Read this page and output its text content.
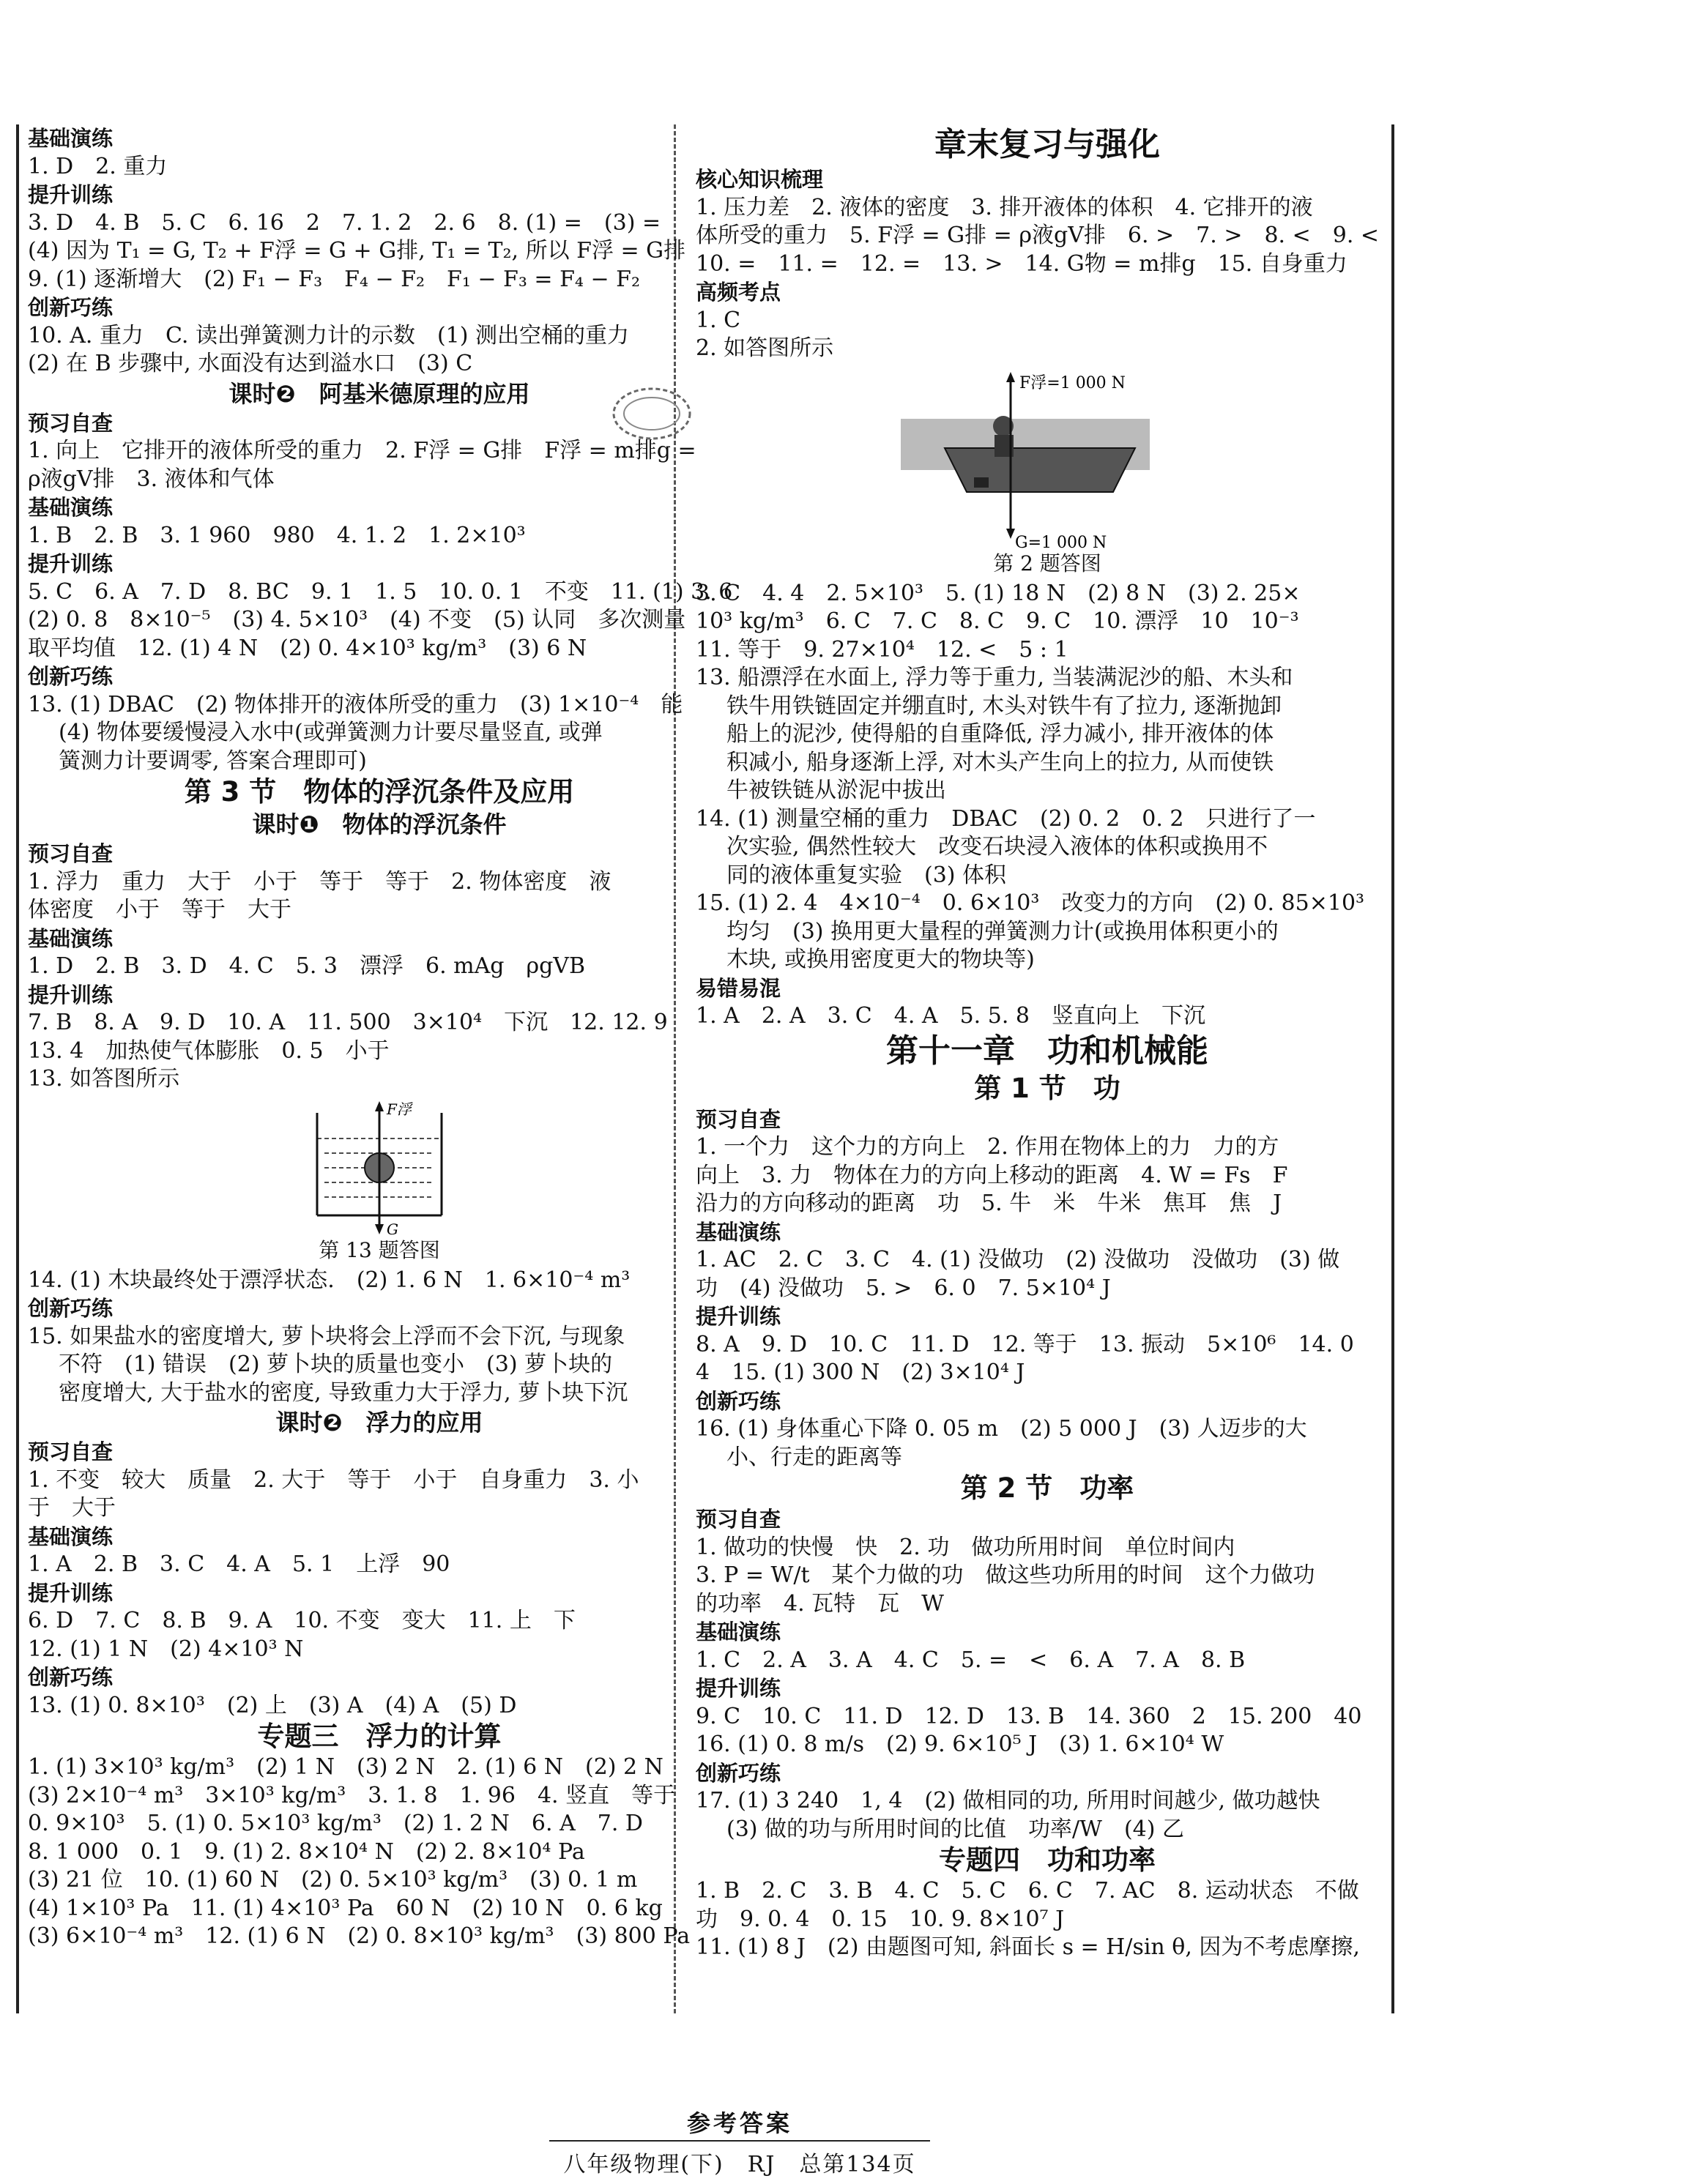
基础演练
1. D　2. 重力
提升训练
3. D　4. B　5. C　6. 16　2　7. 1. 2　2. 6　8. (1) =　(3) =
(4) 因为 T₁ = G, T₂ + F浮 = G + G排, T₁ = T₂, 所以 F浮 = G排
9. (1) 逐渐增大　(2) F₁ − F₃　F₄ − F₂　F₁ − F₃ = F₄ − F₂
创新巧练
10. A. 重力　C. 读出弹簧测力计的示数　(1) 测出空桶的重力
(2) 在 B 步骤中, 水面没有达到溢水口　(3) C
课时❷　阿基米德原理的应用
预习自查
1. 向上　它排开的液体所受的重力　2. F浮 = G排　F浮 = m排g =
ρ液gV排　3. 液体和气体
基础演练
1. B　2. B　3. 1 960　980　4. 1. 2　1. 2×10³
提升训练
5. C　6. A　7. D　8. BC　9. 1　1. 5　10. 0. 1　不变　11. (1) 3. 6
(2) 0. 8　8×10⁻⁵　(3) 4. 5×10³　(4) 不变　(5) 认同　多次测量
取平均值　12. (1) 4 N　(2) 0. 4×10³ kg/m³　(3) 6 N
创新巧练
13. (1) DBAC　(2) 物体排开的液体所受的重力　(3) 1×10⁻⁴　能
(4) 物体要缓慢浸入水中(或弹簧测力计要尽量竖直, 或弹
簧测力计要调零, 答案合理即可)
第 3 节　物体的浮沉条件及应用
课时❶　物体的浮沉条件
预习自查
1. 浮力　重力　大于　小于　等于　等于　2. 物体密度　液
体密度　小于　等于　大于
基础演练
1. D　2. B　3. D　4. C　5. 3　漂浮　6. mAg　ρgVB
提升训练
7. B　8. A　9. D　10. A　11. 500　3×10⁴　下沉　12. 12. 9
13. 4　加热使气体膨胀　0. 5　小于
13. 如答图所示
F浮
G
第 13 题答图
14. (1) 木块最终处于漂浮状态.　(2) 1. 6 N　1. 6×10⁻⁴ m³
创新巧练
15. 如果盐水的密度增大, 萝卜块将会上浮而不会下沉, 与现象
不符　(1) 错误　(2) 萝卜块的质量也变小　(3) 萝卜块的
密度增大, 大于盐水的密度, 导致重力大于浮力, 萝卜块下沉
课时❷　浮力的应用
预习自查
1. 不变　较大　质量　2. 大于　等于　小于　自身重力　3. 小
于　大于
基础演练
1. A　2. B　3. C　4. A　5. 1　上浮　90
提升训练
6. D　7. C　8. B　9. A　10. 不变　变大　11. 上　下
12. (1) 1 N　(2) 4×10³ N
创新巧练
13. (1) 0. 8×10³　(2) 上　(3) A　(4) A　(5) D
专题三　浮力的计算
1. (1) 3×10³ kg/m³　(2) 1 N　(3) 2 N　2. (1) 6 N　(2) 2 N
(3) 2×10⁻⁴ m³　3×10³ kg/m³　3. 1. 8　1. 96　4. 竖直　等于
0. 9×10³　5. (1) 0. 5×10³ kg/m³　(2) 1. 2 N　6. A　7. D
8. 1 000　0. 1　9. (1) 2. 8×10⁴ N　(2) 2. 8×10⁴ Pa
(3) 21 位　10. (1) 60 N　(2) 0. 5×10³ kg/m³　(3) 0. 1 m
(4) 1×10³ Pa　11. (1) 4×10³ Pa　60 N　(2) 10 N　0. 6 kg
(3) 6×10⁻⁴ m³　12. (1) 6 N　(2) 0. 8×10³ kg/m³　(3) 800 Pa
章末复习与强化
核心知识梳理
1. 压力差　2. 液体的密度　3. 排开液体的体积　4. 它排开的液
体所受的重力　5. F浮 = G排 = ρ液gV排　6. >　7. >　8. <　9. <
10. =　11. =　12. =　13. >　14. G物 = m排g　15. 自身重力
高频考点
1. C
2. 如答图所示
F浮=1 000 N
G=1 000 N
第 2 题答图
3. C　4. 4　2. 5×10³　5. (1) 18 N　(2) 8 N　(3) 2. 25×
10³ kg/m³　6. C　7. C　8. C　9. C　10. 漂浮　10　10⁻³
11. 等于　9. 27×10⁴　12. <　5 : 1
13. 船漂浮在水面上, 浮力等于重力, 当装满泥沙的船、木头和
铁牛用铁链固定并绷直时, 木头对铁牛有了拉力, 逐渐抛卸
船上的泥沙, 使得船的自重降低, 浮力减小, 排开液体的体
积减小, 船身逐渐上浮, 对木头产生向上的拉力, 从而使铁
牛被铁链从淤泥中拔出
14. (1) 测量空桶的重力　DBAC　(2) 0. 2　0. 2　只进行了一
次实验, 偶然性较大　改变石块浸入液体的体积或换用不
同的液体重复实验　(3) 体积
15. (1) 2. 4　4×10⁻⁴　0. 6×10³　改变力的方向　(2) 0. 85×10³
均匀　(3) 换用更大量程的弹簧测力计(或换用体积更小的
木块, 或换用密度更大的物块等)
易错易混
1. A　2. A　3. C　4. A　5. 5. 8　竖直向上　下沉
第十一章　功和机械能
第 1 节　功
预习自查
1. 一个力　这个力的方向上　2. 作用在物体上的力　力的方
向上　3. 力　物体在力的方向上移动的距离　4. W = Fs　F
沿力的方向移动的距离　功　5. 牛　米　牛米　焦耳　焦　J
基础演练
1. AC　2. C　3. C　4. (1) 没做功　(2) 没做功　没做功　(3) 做
功　(4) 没做功　5. >　6. 0　7. 5×10⁴ J
提升训练
8. A　9. D　10. C　11. D　12. 等于　13. 振动　5×10⁶　14. 0
4　15. (1) 300 N　(2) 3×10⁴ J
创新巧练
16. (1) 身体重心下降 0. 05 m　(2) 5 000 J　(3) 人迈步的大
小、行走的距离等
第 2 节　功率
预习自查
1. 做功的快慢　快　2. 功　做功所用时间　单位时间内
3. P = W/t　某个力做的功　做这些功所用的时间　这个力做功
的功率　4. 瓦特　瓦　W
基础演练
1. C　2. A　3. A　4. C　5. =　<　6. A　7. A　8. B
提升训练
9. C　10. C　11. D　12. D　13. B　14. 360　2　15. 200　40
16. (1) 0. 8 m/s　(2) 9. 6×10⁵ J　(3) 1. 6×10⁴ W
创新巧练
17. (1) 3 240　1, 4　(2) 做相同的功, 所用时间越少, 做功越快
(3) 做的功与所用时间的比值　功率/W　(4) 乙
专题四　功和功率
1. B　2. C　3. B　4. C　5. C　6. C　7. AC　8. 运动状态　不做
功　9. 0. 4　0. 15　10. 9. 8×10⁷ J
11. (1) 8 J　(2) 由题图可知, 斜面长 s = H/sin θ, 因为不考虑摩擦,
参考答案
八年级物理(下)　RJ　总第134页
